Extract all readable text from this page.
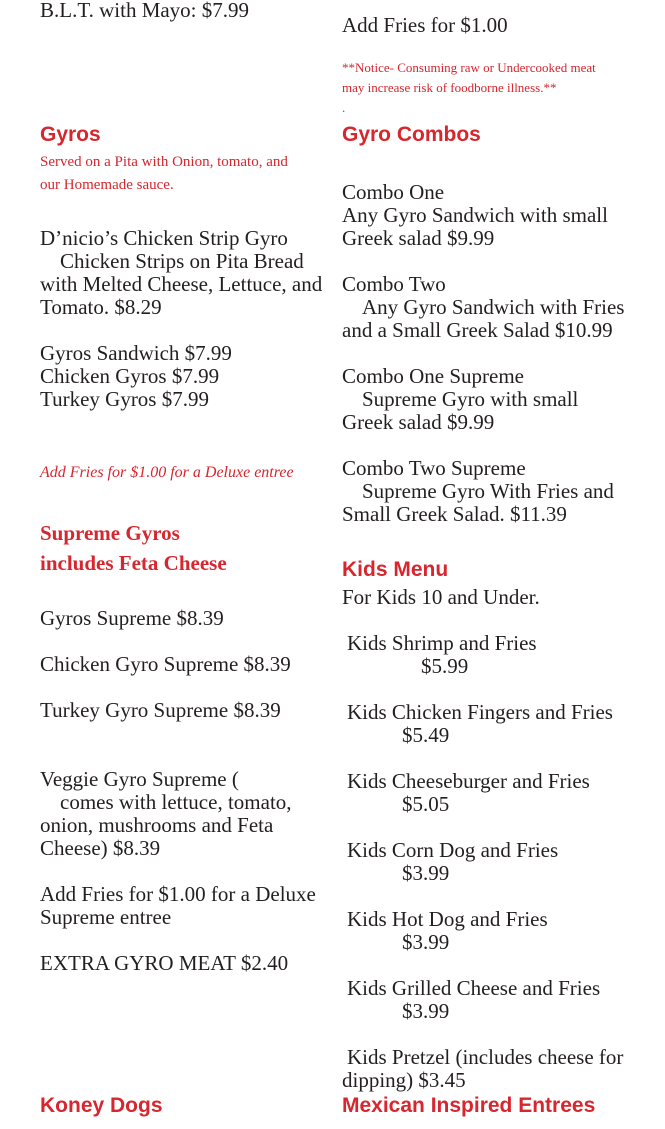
B.L.T. with Mayo: $7.99

Gyros

Served on a Pita with Onion, tomato, and

our Homemade sauce.

D’nicio’s Chicken Strip Gyro

Chicken Strips on Pita Bread

with Melted Cheese, Lettuce, and

Tomato. $8.29

Gyros Sandwich $7.99

Chicken Gyros $7.99

Turkey Gyros $7.99

Add Fries for $1.00 for a Deluxe entree

Supreme Gyros

includes Feta Cheese

Gyros Supreme $8.39

Chicken Gyro Supreme $8.39

Turkey Gyro Supreme $8.39

Veggie Gyro Supreme (

comes with lettuce, tomato,

onion, mushrooms and Feta

Cheese) $8.39

Add Fries for $1.00 for a Deluxe

Supreme entree

EXTRA GYRO MEAT $2.40

Koney Dogs

Add Fries for $1.00

**Notice- Consuming raw or Undercooked meat

may increase risk of foodborne illness.**

.

Gyro Combos

Combo One

Any Gyro Sandwich with small

Greek salad $9.99

Combo Two

Any Gyro Sandwich with Fries

and a Small Greek Salad $10.99

Combo One Supreme

Supreme Gyro with small

Greek salad $9.99

Combo Two Supreme

Supreme Gyro With Fries and

Small Greek Salad. $11.39

Kids Menu

For Kids 10 and Under.

Kids Shrimp and Fries

$5.99

Kids Chicken Fingers and Fries

$5.49

Kids Cheeseburger and Fries

$5.05

Kids Corn Dog and Fries

$3.99

Kids Hot Dog and Fries

$3.99

Kids Grilled Cheese and Fries

$3.99

Kids Pretzel (includes cheese for

dipping) $3.45

Mexican Inspired Entrees
